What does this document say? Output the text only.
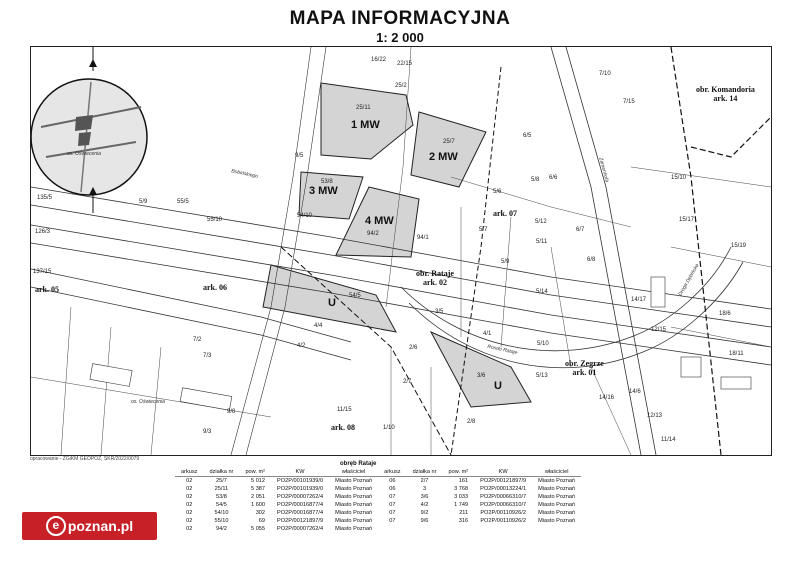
MAPA INFORMACYJNA
1: 2 000
1 MW
2 MW
3 MW
4 MW
U
U
ark. 05	ark. 06
ark. 07
ark. 08
obr. Rataje
ark. 02
obr. Zegrze
ark. 01
obr. Komandoria
ark. 14
25/11
25/7
25/2
53/8
54/5
54/10
55/10
55/5
94/2
94/1
5/6
5/7
5/8
5/9
5/10
5/11
5/12
5/13
5/14
6/5
6/6
6/7
6/8
4/2
4/1
4/4
3/6
3/5
2/6
2/7
2/8
1/10
11/15
7/3
7/2
9/3
9/8
9/5
14/6
14/16
12/13
11/14
14/17
12/15
15/17
15/19
15/10
18/6
18/11
7/10
7/15
16/22
22/15
135/5
137/15
126/3
5/9
Bobińskiego
Rondo Rataje
os. Oświecenia
Zamenhofa
Droga Dębińska
os. Oświecenia
opracowanie - ZGiKM GEOPOZ, SKR/2022/0079
obręb Rataje
arkusz	działka nr	pow. m²	KW	właściciel	arkusz	działka nr	pow. m²	KW	właściciel
02	25/7	5 012	PO2P/00101939/0	Miasto Poznań	06	2/7	161	PO2P/00121897/9	Miasto Poznań
02	25/11	5 387	PO2P/00101939/0	Miasto Poznań	06	3	3 768	PO2P/00013224/1	Miasto Poznań
02	53/8	2 051	PO2P/00007262/4	Miasto Poznań	07	3/6	3 033	PO2P/00066310/7	Miasto Poznań
02	54/5	1 600	PO2P/00016877/4	Miasto Poznań	07	4/2	1 749	PO2P/00066310/7	Miasto Poznań
02	54/10	302	PO2P/00016877/4	Miasto Poznań	07	9/2	211	PO2P/00110926/2	Miasto Poznań
02	55/10	69	PO2P/00121897/9	Miasto Poznań	07	9/6	316	PO2P/00110926/2	Miasto Poznań
02	94/2	5 055	PO2P/00007262/4	Miasto Poznań					
e poznan.pl
